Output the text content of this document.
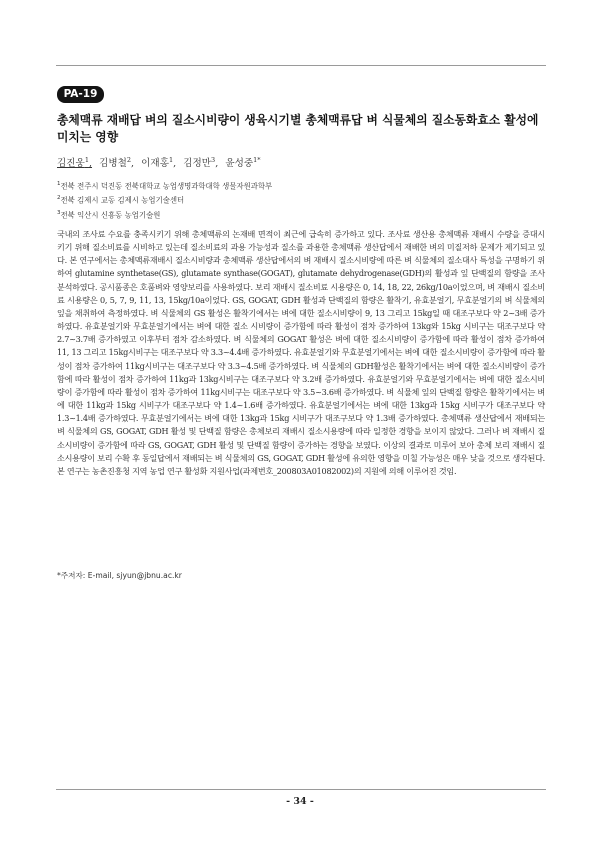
PA-19
총체맥류 재배답 벼의 질소시비량이 생육시기별 총체맥류답 벼 식물체의 질소동화효소 활성에 미치는 영향
김진웅$^1$, 김병철$^2$, 이재홍$^1$, 김정만$^3$, 윤성중$^{1*}$
$^1$전북 전주시 덕진동 전북대학교 농업생명과학대학 생물자원과학부
$^2$전북 김제시 교동 김제시 농업기술센터
$^3$전북 익산시 신흥동 농업기술원

국내의 조사료 수요를 충족시키기 위해 총체맥류의 논재배 면적이 최근에 급속히 증가하고 있다. 조사료 생산용 총체맥류 재배시 수량을 증대시키기 위해 질소비료를 시비하고 있는데 질소비료의 과용 가능성과 질소를 과용한 총체맥류 생산답에서 재배한 벼의 미질저하 문제가 제기되고 있다. 본 연구에서는 총체맥류재배시 질소시비량과 총체맥류 생산답에서의 벼 재배시 질소시비량에 따른 벼 식물체의 질소대사 특성을 구명하기 위하여 glutamine synthetase(GS), glutamate synthase(GOGAT), glutamate dehydrogenase(GDH)의 활성과 잎 단백질의 함량을 조사 분석하였다. 공시품종은 호품벼와 영양보리를 사용하였다. 보리 재배시 질소비료 시용량은 0, 14, 18, 22, 26kg/10a이었으며, 벼 재배시 질소비료 시용량은 0, 5, 7, 9, 11, 13, 15kg/10a이었다. GS, GOGAT, GDH 활성과 단백질의 함량은 활착기, 유효분얼기, 무효분얼기의 벼 식물체의 잎을 채취하여 측정하였다. 벼 식물체의 GS 활성은 활착기에서는 벼에 대한 질소시비량이 9, 13 그리고 15kg일 때 대조구보다 약 2~3배 증가하였다. 유효분얼기와 무효분얼기에서는 벼에 대한 질소 시비량이 증가함에 따라 활성이 점차 증가하여 13kg와 15kg 시비구는 대조구보다 약 2.7~3.7배 증가하였고 이후부터 점차 감소하였다. 벼 식물체의 GOGAT 활성은 벼에 대한 질소시비량이 증가함에 따라 활성이 점차 증가하여 11, 13 그리고 15kg시비구는 대조구보다 약 3.3~4.4배 증가하였다. 유효분얼기와 무효분얼기에서는 벼에 대한 질소시비량이 증가함에 따라 활성이 점차 증가하여 11kg시비구는 대조구보다 약 3.3~4.5배 증가하였다. 벼 식물체의 GDH활성은 활착기에서는 벼에 대한 질소시비량이 증가함에 따라 활성이 점차 증가하여 11kg과 13kg시비구는 대조구보다 약 3.2배 증가하였다. 유효분얼기와 무효분얼기에서는 벼에 대한 질소시비량이 증가함에 따라 활성이 점차 증가하여 11kg시비구는 대조구보다 약 3.5~3.6배 증가하였다. 벼 식물체 잎의 단백질 함량은 활착기에서는 벼에 대한 11kg과 15kg 시비구가 대조구보다 약 1.4~1.6배 증가하였다. 유효분얼기에서는 벼에 대한 13kg과 15kg 시비구가 대조구보다 약 1.3~1.4배 증가하였다. 무효분얼기에서는 벼에 대한 13kg과 15kg 시비구가 대조구보다 약 1.3배 증가하였다. 총체맥류 생산답에서 재배되는 벼 식물체의 GS, GOGAT, GDH 활성 및 단백질 함량은 총체보리 재배시 질소시용량에 따라 일정한 경향을 보이지 않았다. 그러나 벼 재배시 질소시비량이 증가함에 따라 GS, GOGAT, GDH 활성 및 단백질 함량이 증가하는 경향을 보였다. 이상의 결과로 미루어 보아 총체 보리 재배시 질소시용량이 보리 수확 후 동일답에서 재배되는 벼 식물체의 GS, GOGAT, GDH 활성에 유의한 영향을 미칠 가능성은 매우 낮을 것으로 생각된다. 본 연구는 농촌진흥청 지역 농업 연구 활성화 지원사업(과제번호_200803A01082002)의 지원에 의해 이루어진 것임.

*주저자: E-mail, sjyun@jbnu.ac.kr
- 34 -
